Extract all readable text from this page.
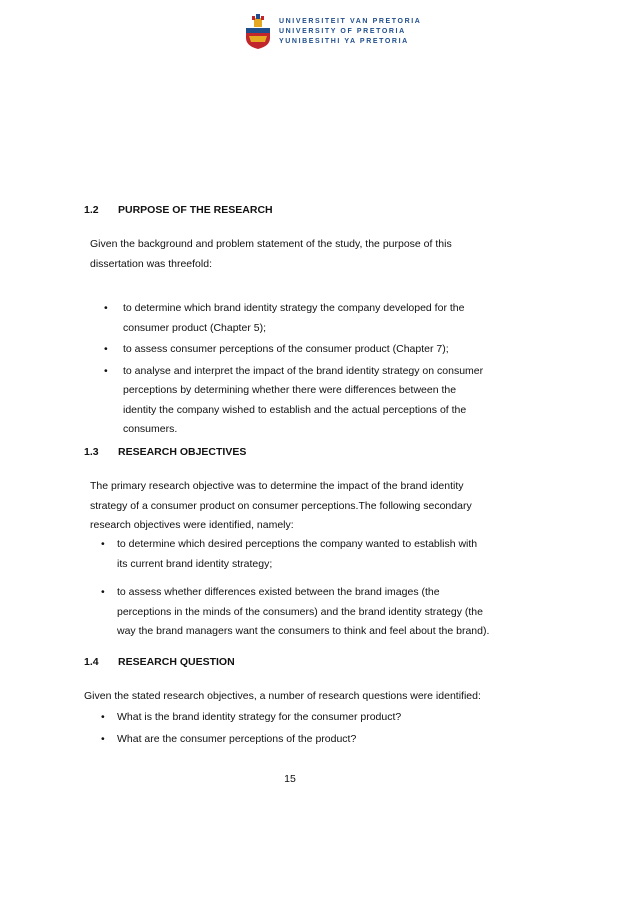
UNIVERSITEIT VAN PRETORIA
UNIVERSITY OF PRETORIA
YUNIBESITHI YA PRETORIA
1.2	PURPOSE OF THE RESEARCH
Given the background and problem statement of the study, the purpose of this
dissertation was threefold:
• to determine which brand identity strategy the company developed for the
consumer product (Chapter 5);
• to assess consumer perceptions of the consumer product (Chapter 7);
• to analyse and interpret the impact of the brand identity strategy on consumer
perceptions by determining whether there were differences between the
identity the company wished to establish and the actual perceptions of the
consumers.
1.3	RESEARCH OBJECTIVES
The primary research objective was to determine the impact of the brand identity
strategy of a consumer product on consumer perceptions.The following secondary
research objectives were identified, namely:
• to determine which desired perceptions the company wanted to establish with
its current brand identity strategy;
• to assess whether differences existed between the brand images (the
perceptions in the minds of the consumers) and the brand identity strategy (the
way the brand managers want the consumers to think and feel about the brand).
1.4	RESEARCH QUESTION
Given the stated research objectives, a number of research questions were identified:
• What is the brand identity strategy for the consumer product?
• What are the consumer perceptions of the product?
15
